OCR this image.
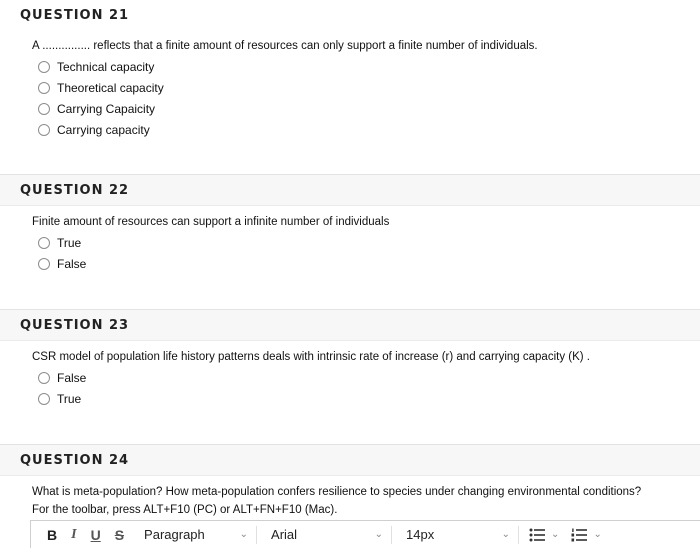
QUESTION 21
A ............... reflects that a finite amount of resources can only support a finite number of individuals.
Technical capacity
Theoretical capacity
Carrying Capaicity
Carrying capacity
QUESTION 22
Finite amount of resources can support a infinite number of individuals
True
False
QUESTION 23
CSR model of population life history patterns deals with intrinsic rate of increase (r) and carrying capacity (K) .
False
True
QUESTION 24
What is meta-population? How meta-population confers resilience to species under changing environmental conditions?
For the toolbar, press ALT+F10 (PC) or ALT+FN+F10 (Mac).
B I U S Paragraph	⌄ Arial	⌄ 14px	⌄	⌄	⌄
